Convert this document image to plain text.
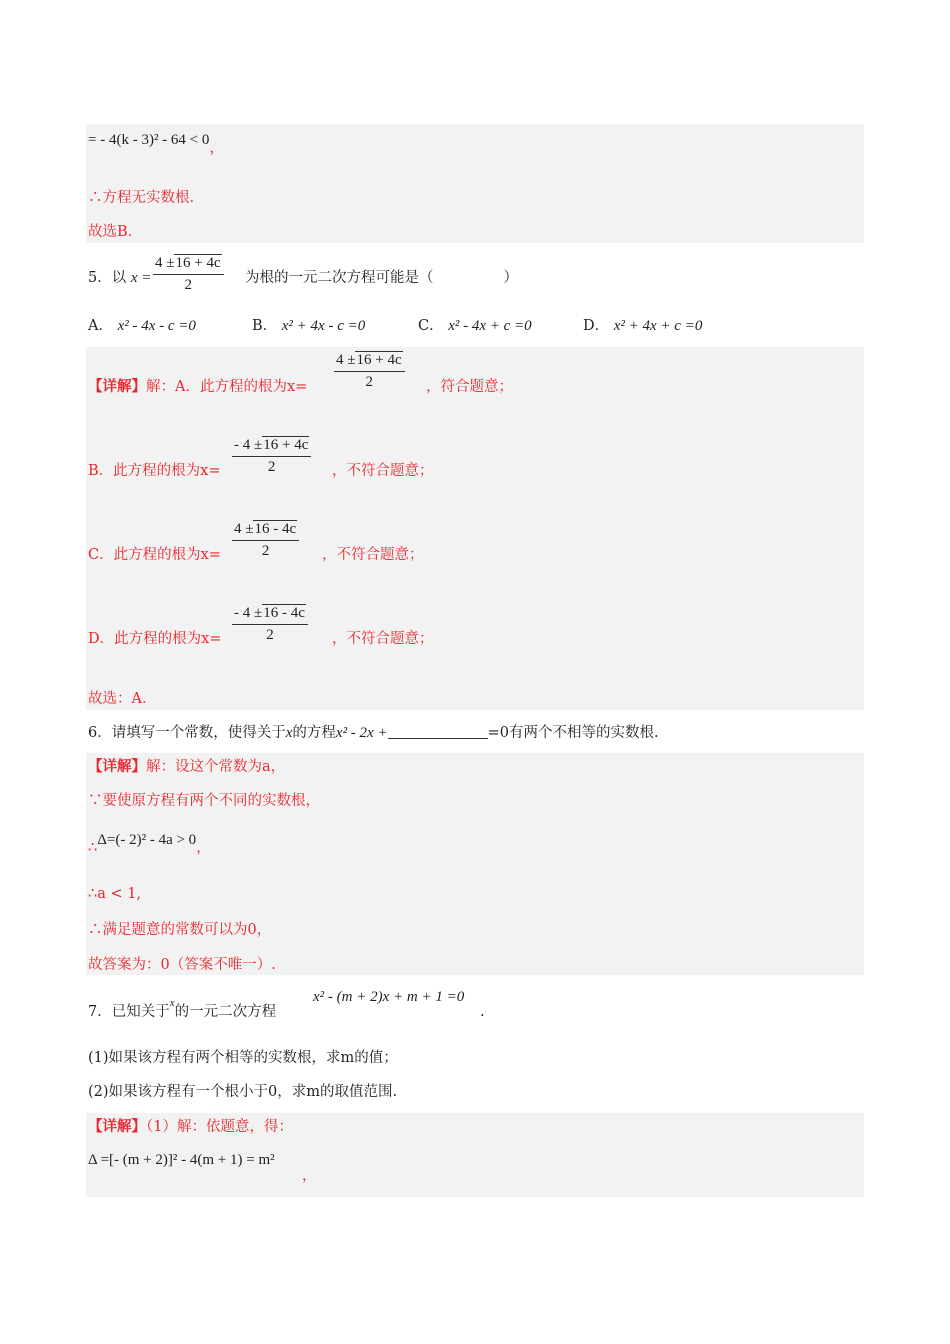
= - 4(k - 3)² - 64 < 0，
∴方程无实数根.
故选B.
5．以 x =
4 ±16 + 4c
2	为根的一元二次方程可能是（	）
A． x² - 4x - c =0	B． x² + 4x - c =0	C． x² - 4x + c =0	D． x² + 4x + c =0
【详解】解：A．此方程的根为x=
4 ±16 + 4c
2	，符合题意；
B．此方程的根为x=
- 4 ±16 + 4c
2	，不符合题意；
C．此方程的根为x=
4 ±16 - 4c
2	，不符合题意；
D．此方程的根为x=
- 4 ±16 - 4c
2	，不符合题意；
故选：A．
6．请填写一个常数，使得关于x的方程x² - 2x +	=0有两个不相等的实数根.
【详解】解：设这个常数为a，
∵要使原方程有两个不同的实数根，
∴Δ=(- 2)² - 4a > 0，
∴a < 1,
∴满足题意的常数可以为0，
故答案为：0（答案不唯一）.
7．已知关于$^x$的一元二次方程
x² - (m + 2)x + m + 1 =0
.
(1)如果该方程有两个相等的实数根，求m的值；
(2)如果该方程有一个根小于0，求m的取值范围.
【详解】（1）解：依题意，得：
Δ =[- (m + 2)]² - 4(m + 1) = m²
，
